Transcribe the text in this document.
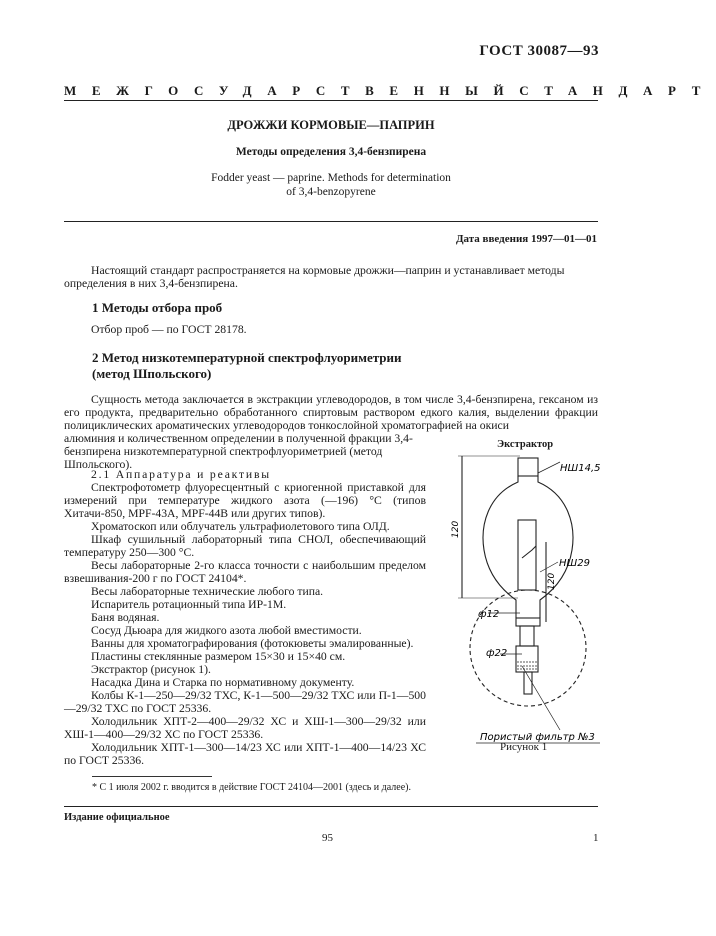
ГОСТ 30087—93
МЕЖГОСУДАРСТВЕННЫЙ СТАНДАРТ
ДРОЖЖИ КОРМОВЫЕ—ПАПРИН
Методы определения 3,4-бензпирена
Fodder yeast — paprine. Methods for determination
of 3,4-benzopyrene
Дата введения 1997—01—01
Настоящий стандарт распространяется на кормовые дрожжи—паприн и устанавливает методы определения в них 3,4-бензпирена.
1 Методы отбора проб
Отбор проб — по ГОСТ 28178.
2 Метод низкотемпературной спектрофлуориметрии
(метод Шпольского)
Сущность метода заключается в экстракции углеводородов, в том числе 3,4-бензпирена, гексаном из его продукта, предварительно обработанного спиртовым раствором едкого калия, выделении фракции полициклических ароматических углеводородов тонкослойной хроматографией на окиси
алюминия и количественном определении в полученной фракции 3,4-бензпирена низкотемпературной спектрофлуориметрией (метод Шпольского).
2.1 Аппаратура и реактивы
Спектрофотометр флуоресцентный с криогенной приставкой для измерений при температуре жидкого азота (—196) °С (типов Хитачи-850, MPF-43A, MPF-44B или других типов).
Хроматоскоп или облучатель ультрафиолетового типа ОЛД.
Шкаф сушильный лабораторный типа СНОЛ, обеспечивающий температуру 250—300 °С.
Весы лабораторные 2-го класса точности с наибольшим пределом взвешивания-200 г по ГОСТ 24104*.
Весы лабораторные технические любого типа.
Испаритель ротационный типа ИР-1М.
Баня водяная.
Сосуд Дьюара для жидкого азота любой вместимости.
Ванны для хроматографирования (фотокюветы эмалированные).
Пластины стеклянные размером 15×30 и 15×40 см.
Экстрактор (рисунок 1).
Насадка Дина и Старка по нормативному документу.
Колбы К-1—250—29/32 ТХС, К-1—500—29/32 ТХС или П-1—500—29/32 ТХС по ГОСТ 25336.
Холодильник ХПТ-2—400—29/32 ХС и ХШ-1—300—29/32 или ХШ-1—400—29/32 ХС по ГОСТ 25336.
Холодильник ХПТ-1—300—14/23 ХС или ХПТ-1—400—14/23 ХС по ГОСТ 25336.
Экстрактор
НШ14,5
НШ29
120
120
ф12
ф22
Пористый фильтр №3
Рисунок 1
* С 1 июля 2002 г. вводится в действие ГОСТ 24104—2001 (здесь и далее).
Издание официальное
95	1
